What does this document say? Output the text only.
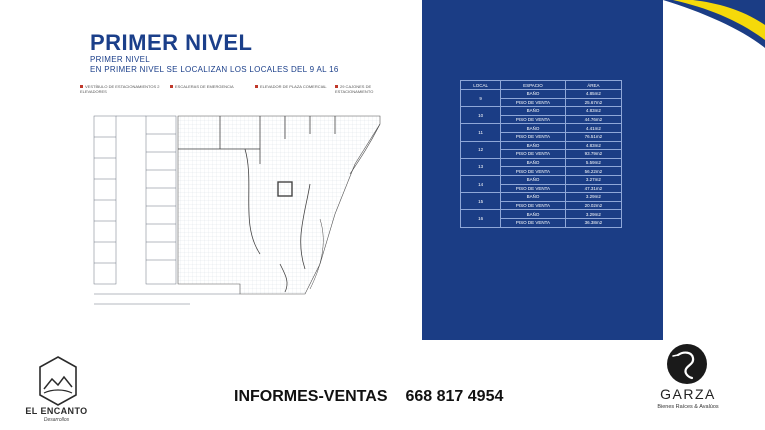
PRIMER NIVEL
PRIMER NIVEL
EN PRIMER NIVEL SE LOCALIZAN LOS LOCALES DEL 9 AL 16
VESTÍBULO DE ESTACIONAMIENTOS 2 ELEVADORES
ESCALERAS DE EMERGENCIA	ELEVADOR DE PLAZA COMERCIAL	29 CAJONES DE ESTACIONAMIENTO
·	·
LOCAL	ESPACIO	ÁREA
9	BAÑO	4.85m2
	PISO DE VENTA	25.67m2
10	BAÑO	4.83m2
	PISO DE VENTA	44.76m2
11	BAÑO	4.41m2
	PISO DE VENTA	76.51m2
12	BAÑO	4.83m2
	PISO DE VENTA	93.79m2
13	BAÑO	5.59m2
	PISO DE VENTA	56.22m2
14	BAÑO	3.27m2
	PISO DE VENTA	47.31m2
15	BAÑO	3.29m2
	PISO DE VENTA	20.02m2
16	BAÑO	3.29m2
	PISO DE VENTA	36.38m2
EL ENCANTO
Desarrollos
INFORMES-VENTAS 668 817 4954	GARZA
Bienes Raíces & Avalúos
